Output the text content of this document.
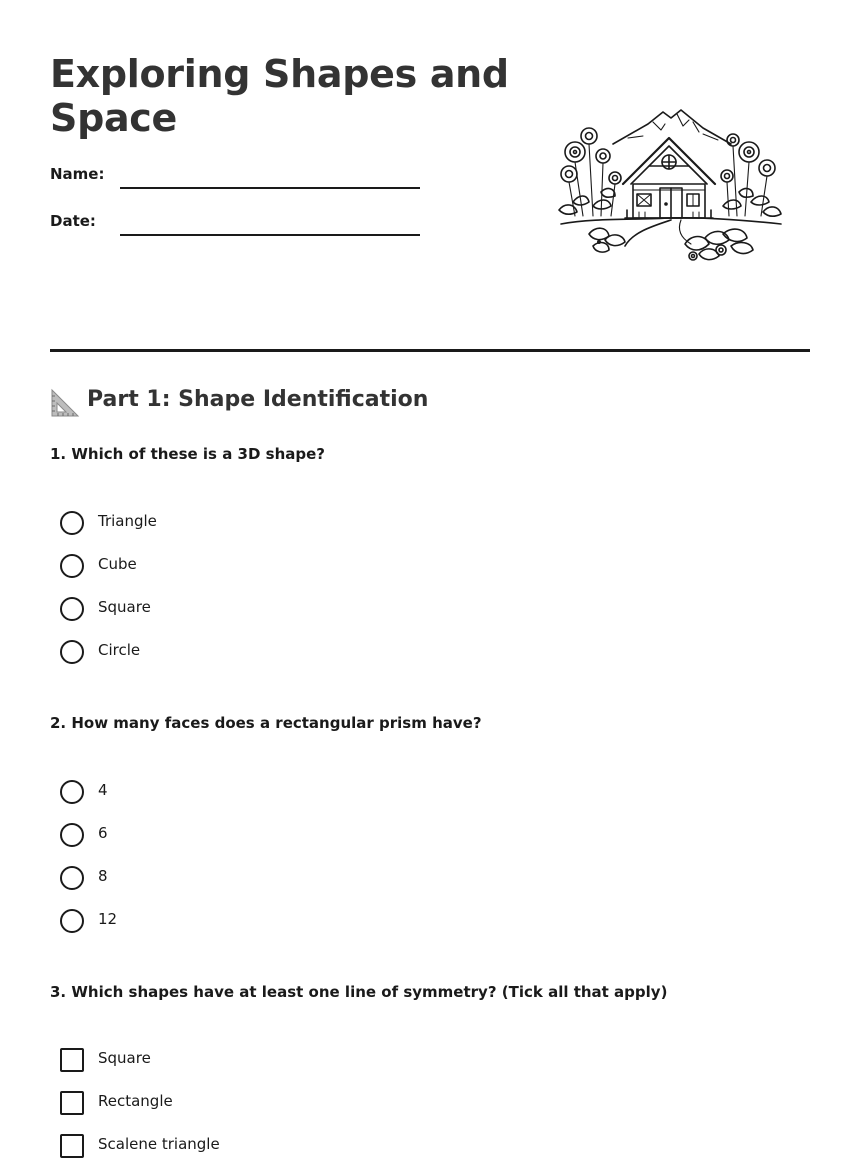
Exploring Shapes and Space
Name:
Date:
Part 1: Shape Identification
1. Which of these is a 3D shape?
Triangle
Cube
Square
Circle
2. How many faces does a rectangular prism have?
4
6
8
12
3. Which shapes have at least one line of symmetry? (Tick all that apply)
Square
Rectangle
Scalene triangle
